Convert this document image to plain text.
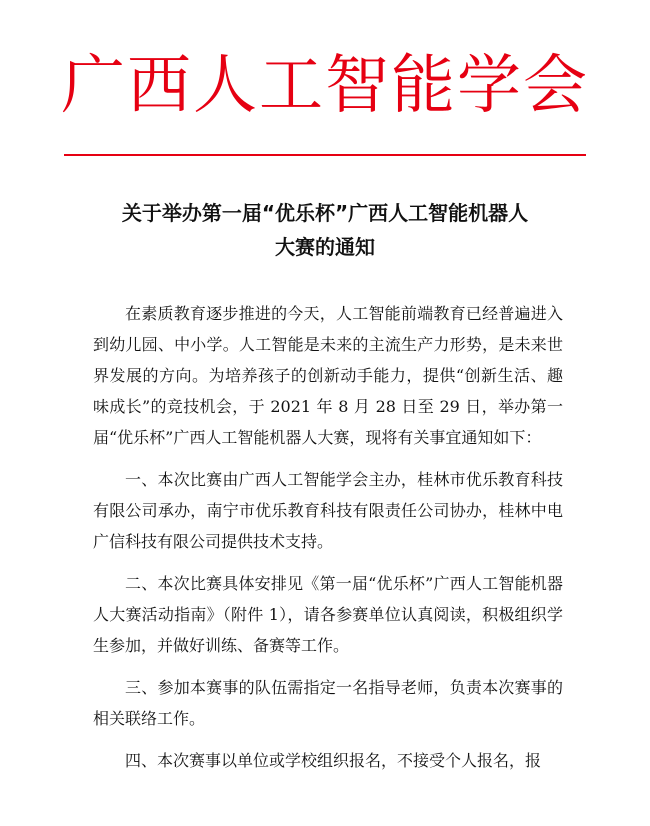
广西人工智能学会
关于举办第一届“优乐杯”广西人工智能机器人
大赛的通知

在素质教育逐步推进的今天，人工智能前端教育已经普遍进入到幼儿园、中小学。人工智能是未来的主流生产力形势，是未来世界发展的方向。为培养孩子的创新动手能力，提供“创新生活、趣味成长”的竞技机会，于 2021 年 8 月 28 日至 29 日，举办第一届“优乐杯”广西人工智能机器人大赛，现将有关事宜通知如下：

一、本次比赛由广西人工智能学会主办，桂林市优乐教育科技有限公司承办，南宁市优乐教育科技有限责任公司协办，桂林中电广信科技有限公司提供技术支持。

二、本次比赛具体安排见《第一届“优乐杯”广西人工智能机器人大赛活动指南》（附件 1），请各参赛单位认真阅读，积极组织学生参加，并做好训练、备赛等工作。

三、参加本赛事的队伍需指定一名指导老师，负责本次赛事的相关联络工作。

四、本次赛事以单位或学校组织报名，不接受个人报名，报
